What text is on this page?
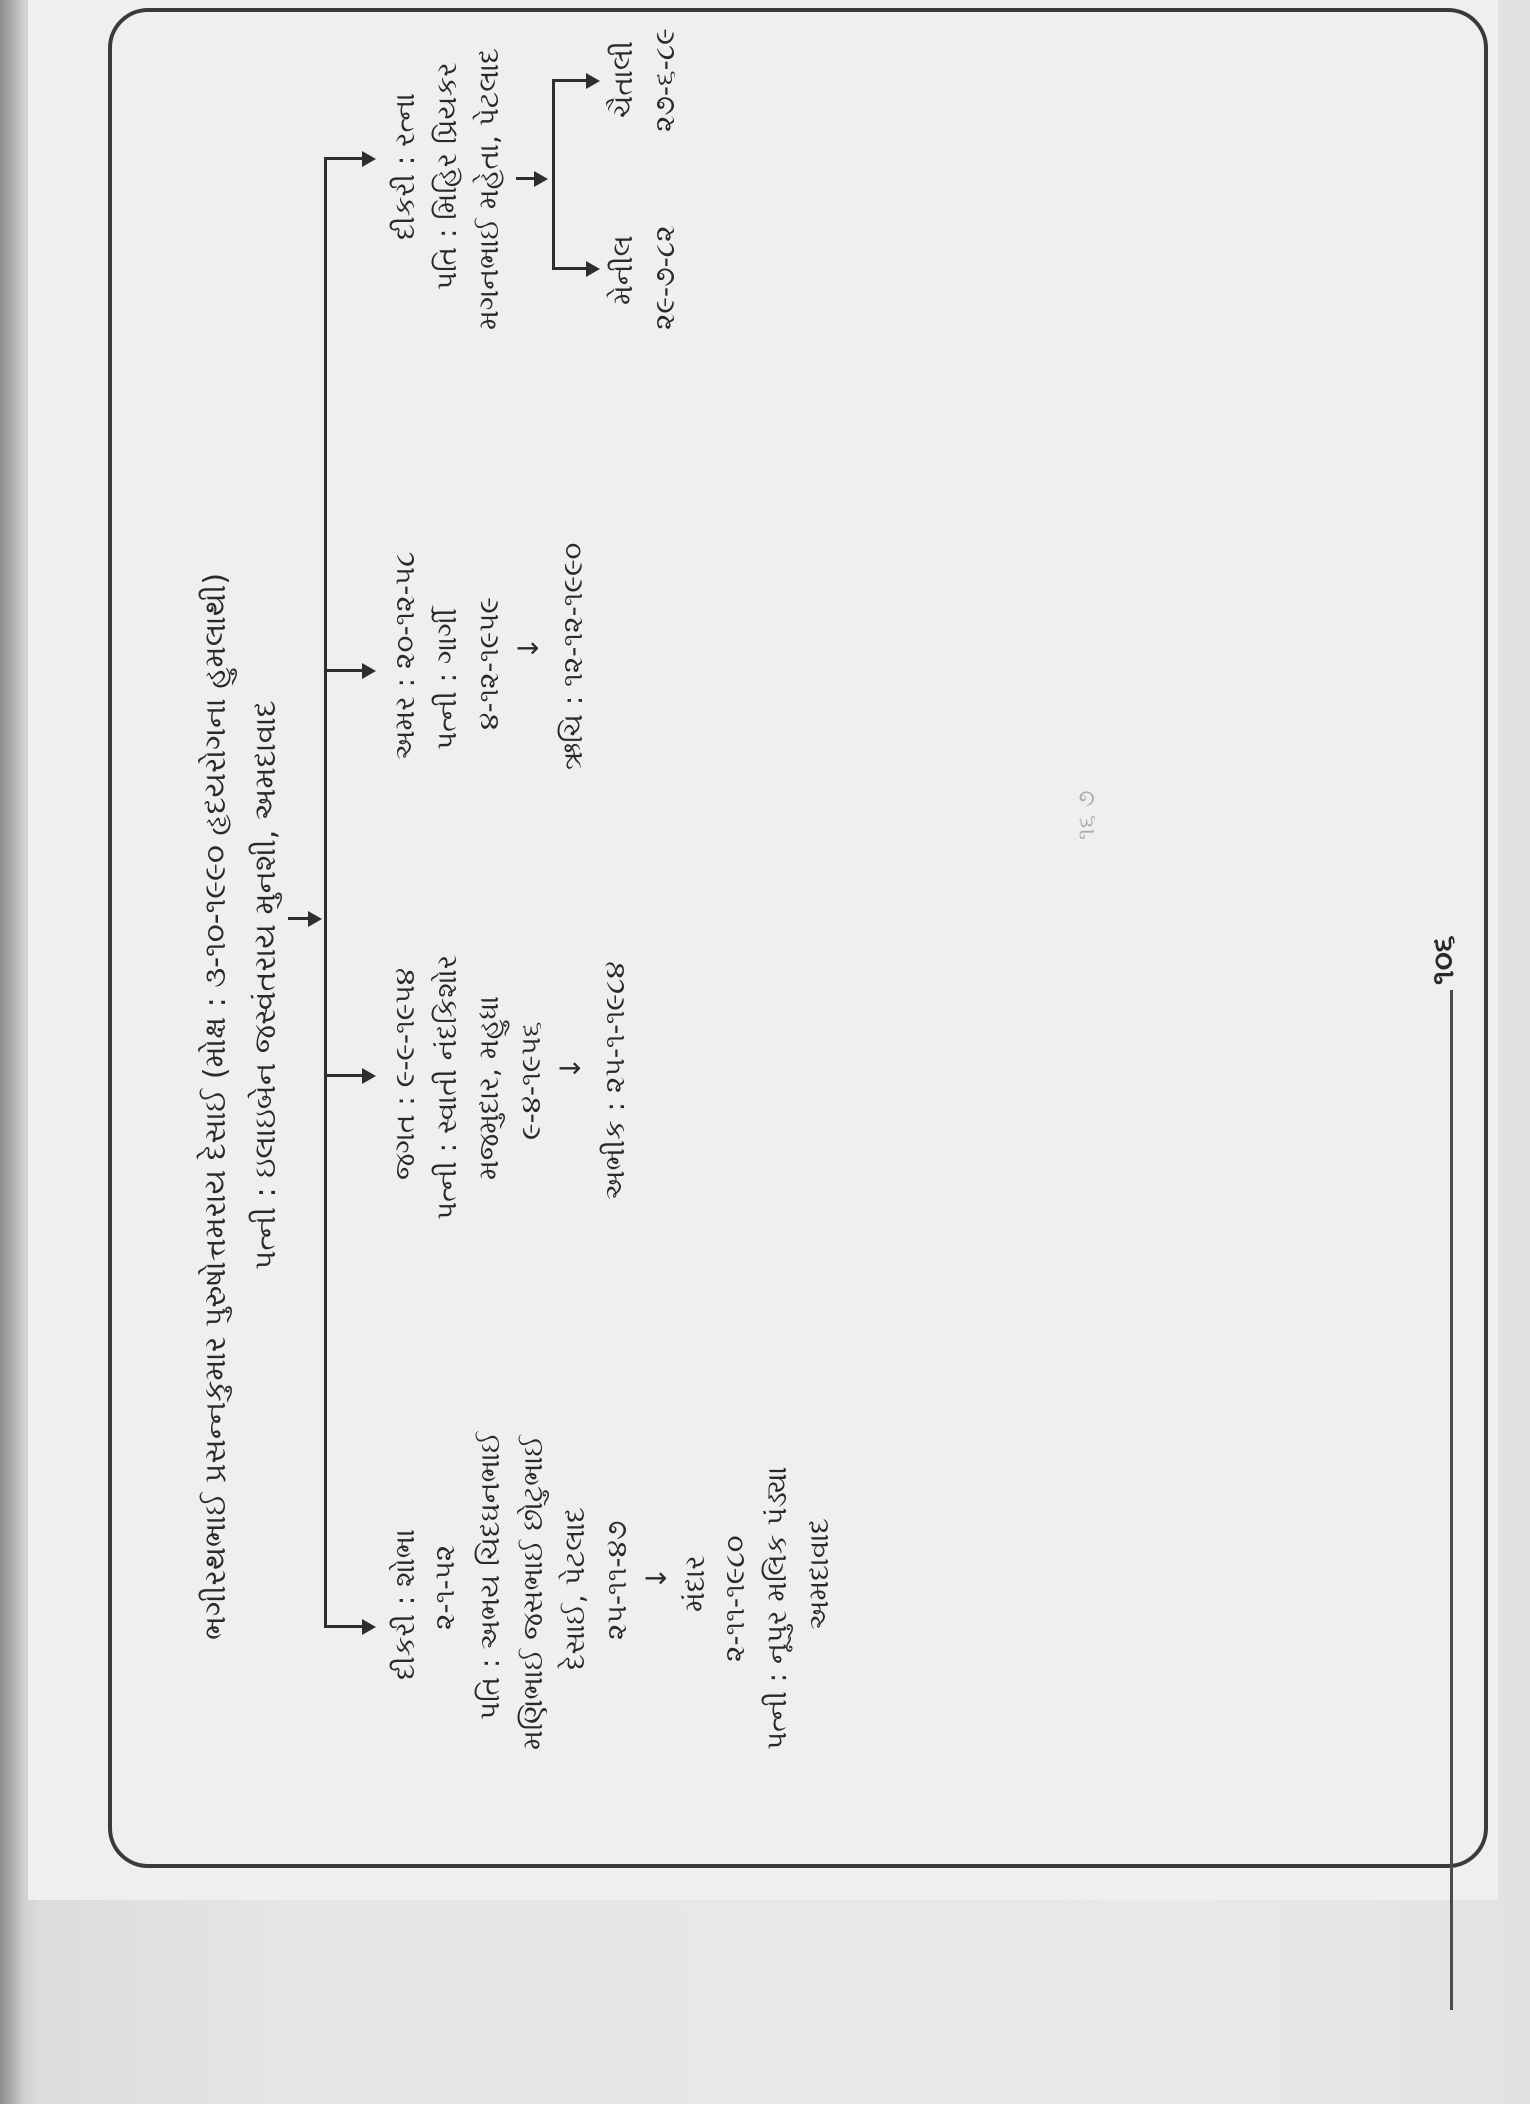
ભગીરથભાઈ પ્રસન્નકુમાર પુરુષોત્તમરાય દેસાઈ (મોક્ષ : ૩-૧૦-૧૯૯૦ હૃદયરોગના હુમલાથી) પત્ની : ઇલાઇબેન જસ્વંતરાય મુનશી, અમદાવાદ
દીકરી : શોભા ૨-૧-૫૨ પતિ : અભય ચિદઘનભાઈ મણિભાઈ જસભાઈ છોટુભાઈ દેસાઈ, પેટલાદ ૨૫-૧૧-૪૭ ↓ મંદાર ૨-૧૧-૧૯૮૦ પત્ની : નૂપુર મલિક પંડ્યા અમદાવાદ
જગત : ૯-૯-૧૯૫૪ પત્ની : સ્વાતી નંદકિશોર મજમુદાર, મહુધા ૯-૪-૧૯૫૬ ↓ અભીક : ૨૫-૧-૧૯૮૪
અમર : ૨૦-૧૨-૫૮ પત્ની : ગાર્ગી ૪-૧૨-૧૯૫૯ ↓ ઋચિ : ૧૨-૧૨-૧૯૯૦
દીકરી : રત્ના પતિ : મિહિર પ્રિયકર મગનભાઈ મહેતા, પેટલાદ	મેનીલ ૨૯-૭-૮૨
ચૈતાલી ૨૭-૬-૮૯
૧૬ ૭
૧૦૬
